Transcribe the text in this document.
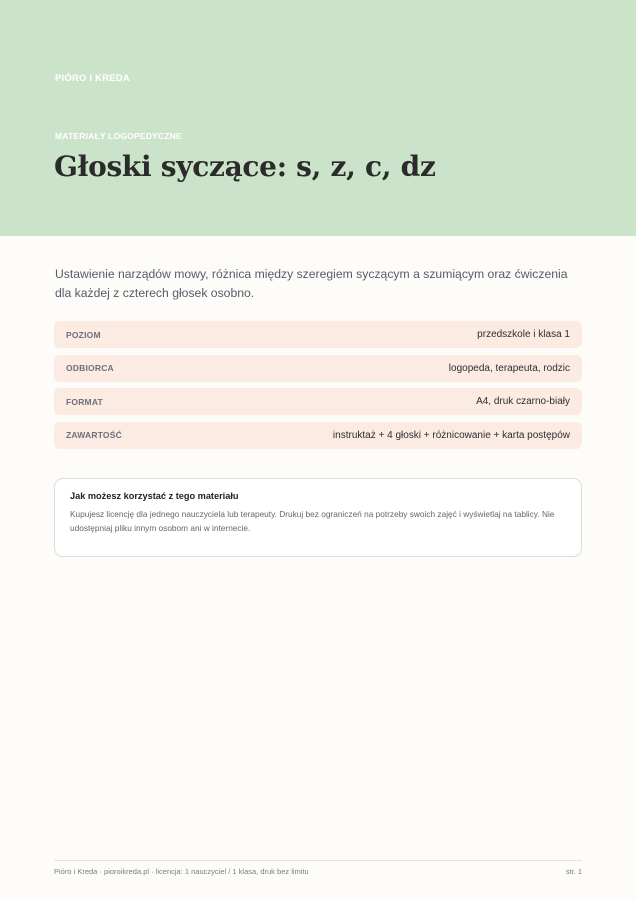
PIÓRO I KREDA
MATERIAŁY LOGOPEDYCZNE
Głoski syczące: s, z, c, dz

Ustawienie narządów mowy, różnica między szeregiem syczącym a szumiącym oraz ćwiczenia dla każdej z czterech głosek osobno.

POZIOM	przedszkole i klasa 1
ODBIORCA	logopeda, terapeuta, rodzic
FORMAT	A4, druk czarno-biały
ZAWARTOŚĆ	instruktaż + 4 głoski + różnicowanie + karta postępów
Jak możesz korzystać z tego materiału

Kupujesz licencję dla jednego nauczyciela lub terapeuty. Drukuj bez ograniczeń na potrzeby swoich zajęć i wyświetlaj na tablicy. Nie udostępniaj pliku innym osobom ani w internecie.

Pióro i Kreda · pioroikreda.pl · licencja: 1 nauczyciel / 1 klasa, druk bez limitu	str. 1
